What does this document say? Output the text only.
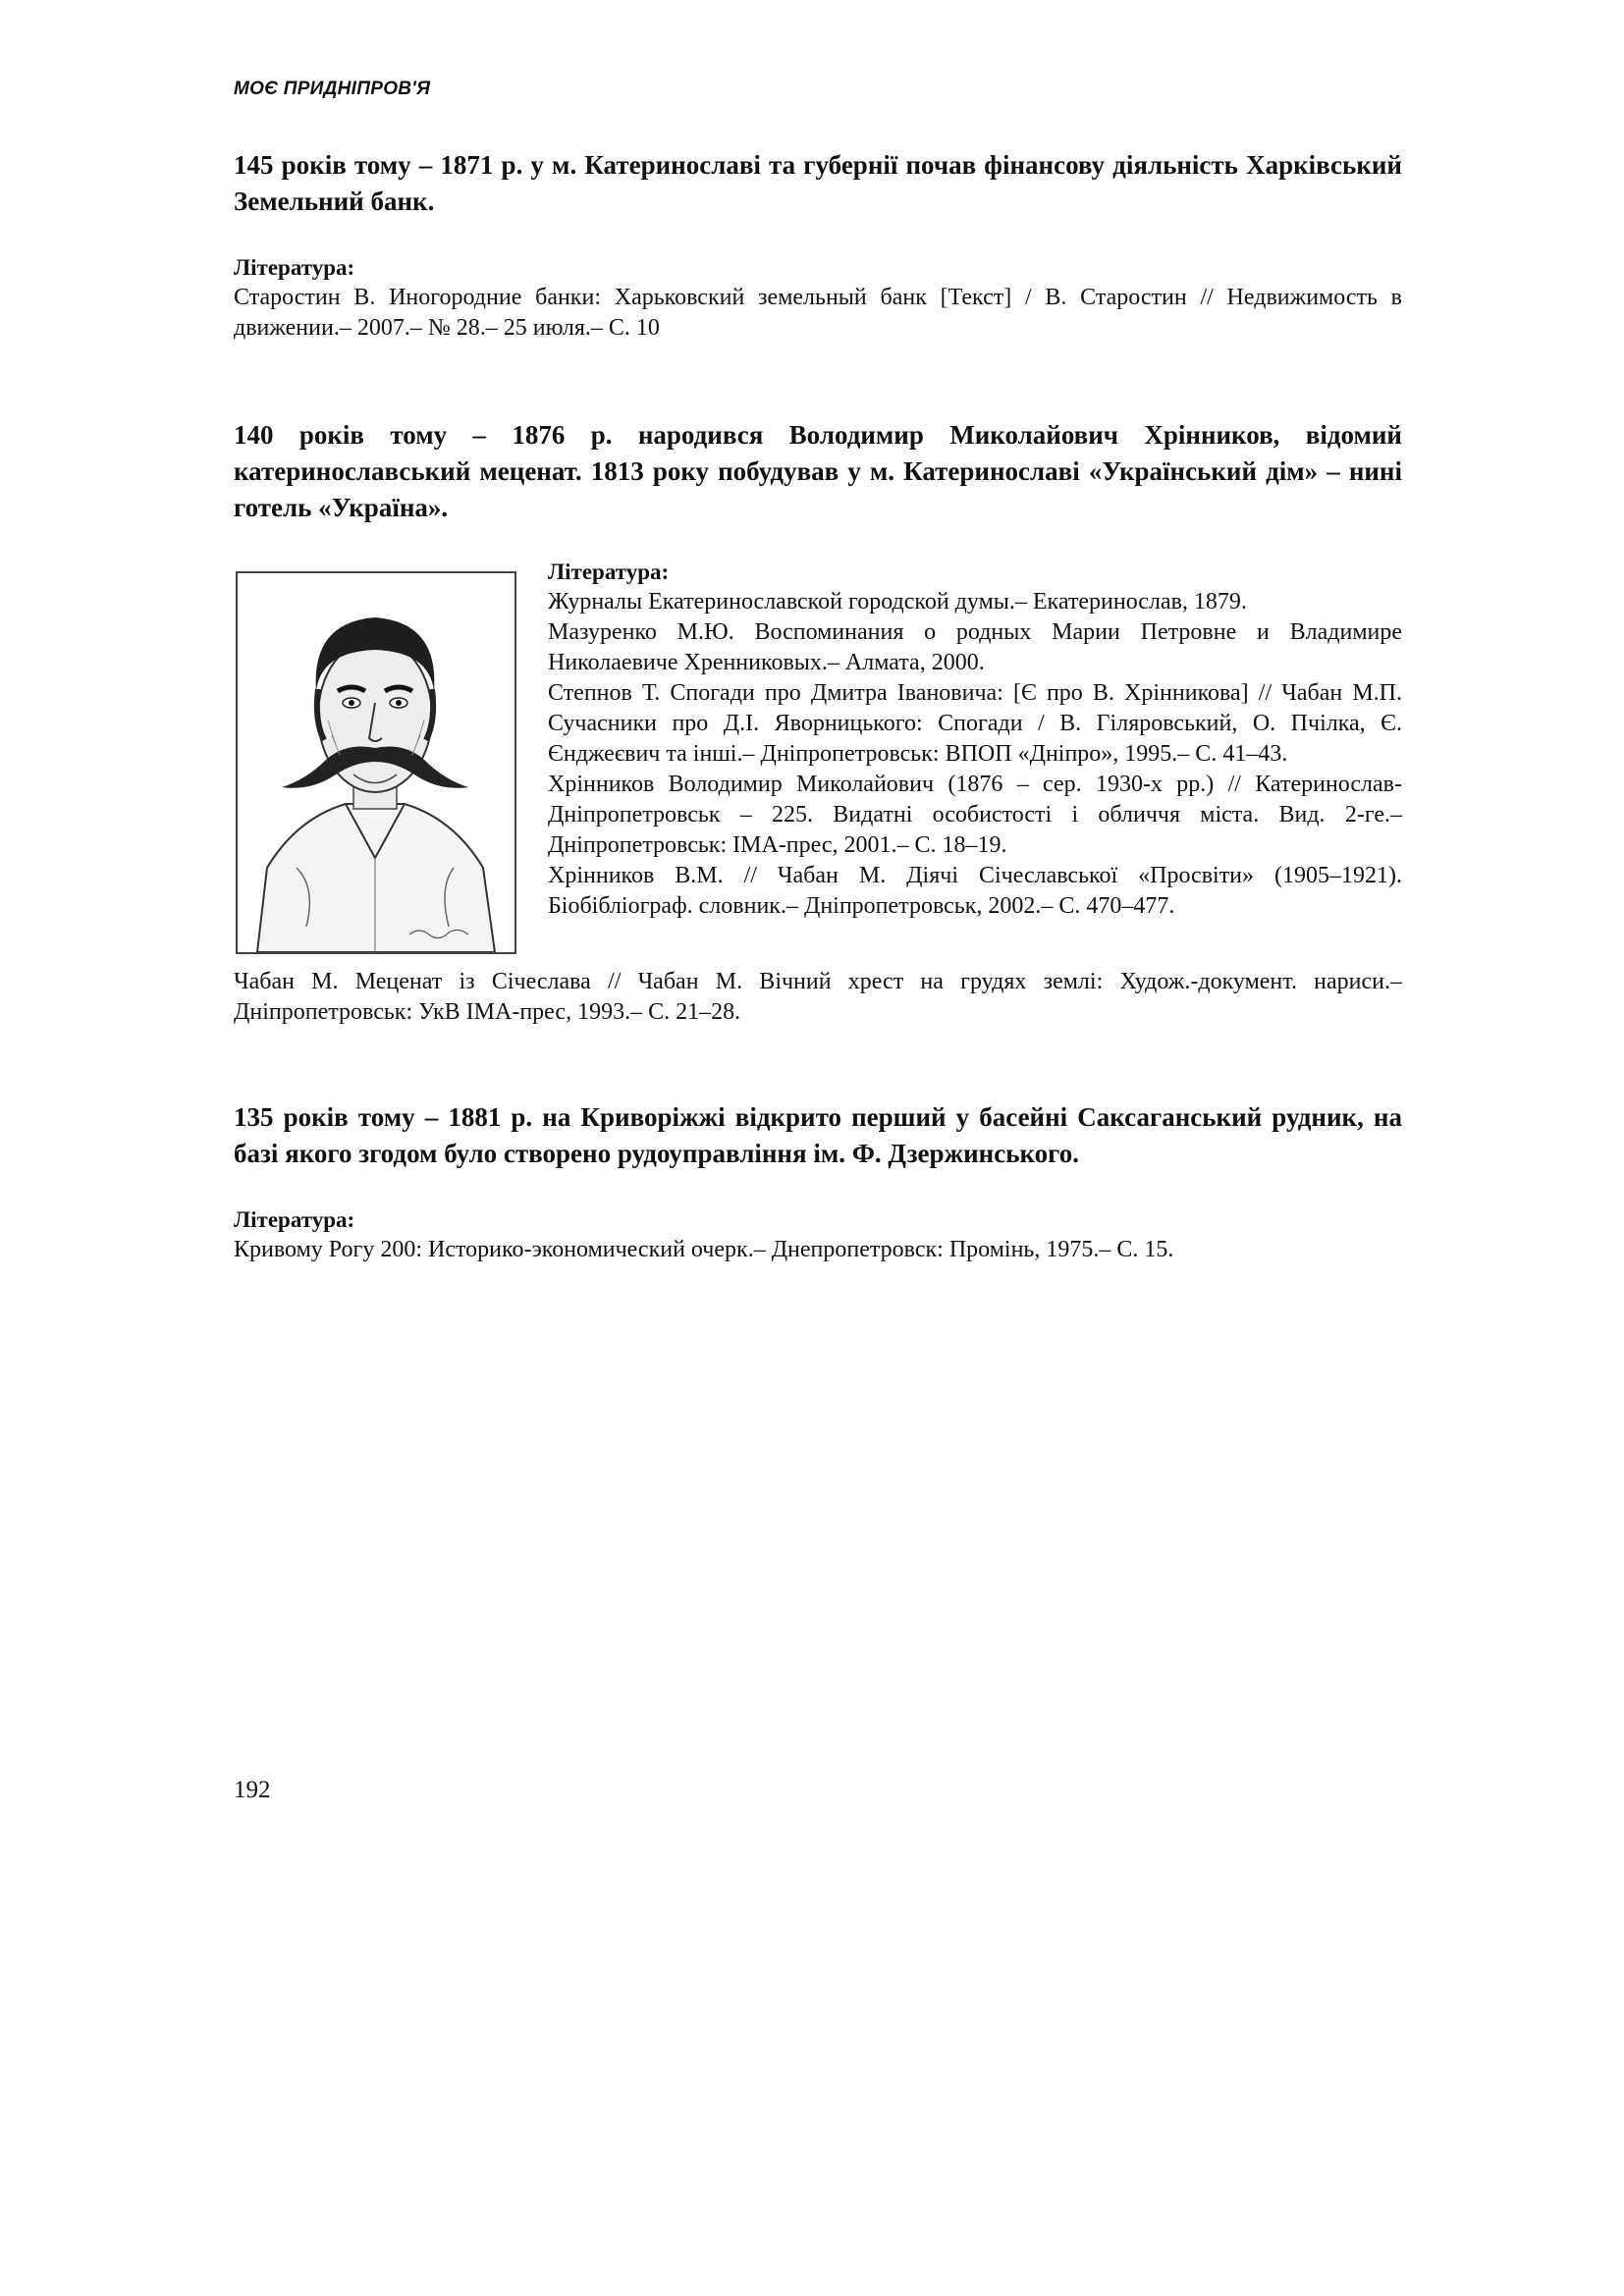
МОЄ ПРИДНІПРОВ'Я

145 років тому – 1871 р. у м. Катеринославі та губернії почав фінансову діяльність Харківський Земельний банк.

Література:

Старостин В. Иногородние банки: Харьковский земельный банк [Текст] / В. Старостин // Недвижимость в движении.– 2007.– № 28.– 25 июля.– С. 10

140 років тому – 1876 р. народився Володимир Миколайович Хрінников, відомий катеринославський меценат. 1813 року побудував у м. Катеринославі «Український дім» – нині готель «Україна».

Література:

Журналы Екатеринославской городской думы.– Екатеринослав, 1879.

Мазуренко М.Ю. Воспоминания о родных Марии Петровне и Владимире Николаевиче Хренниковых.– Алмата, 2000.

Степнов Т. Спогади про Дмитра Івановича: [Є про В. Хрінникова] // Чабан М.П. Сучасники про Д.І. Яворницького: Спогади / В. Гіляровський, О. Пчілка, Є. Єнджеєвич та інші.– Дніпропетровськ: ВПОП «Дніпро», 1995.– С. 41–43.

Хрінников Володимир Миколайович (1876 – сер. 1930-х рр.) // Катеринослав-Дніпропетровськ – 225. Видатні особистості і обличчя міста. Вид. 2-ге.– Дніпропетровськ: ІМА-прес, 2001.– С. 18–19.

Хрінников В.М. // Чабан М. Діячі Січеславської «Просвіти» (1905–1921). Біобібліограф. словник.– Дніпропетровськ, 2002.– С. 470–477.

Чабан М. Меценат із Січеслава // Чабан М. Вічний хрест на грудях землі: Худож.-документ. нариси.– Дніпропетровськ: УкВ ІМА-прес, 1993.– С. 21–28.

135 років тому – 1881 р. на Криворіжжі відкрито перший у басейні Саксаганський рудник, на базі якого згодом було створено рудоуправління ім. Ф. Дзержинського.

Література:

Кривому Рогу 200: Историко-экономический очерк.– Днепропетровск: Промінь, 1975.– С. 15.

192
